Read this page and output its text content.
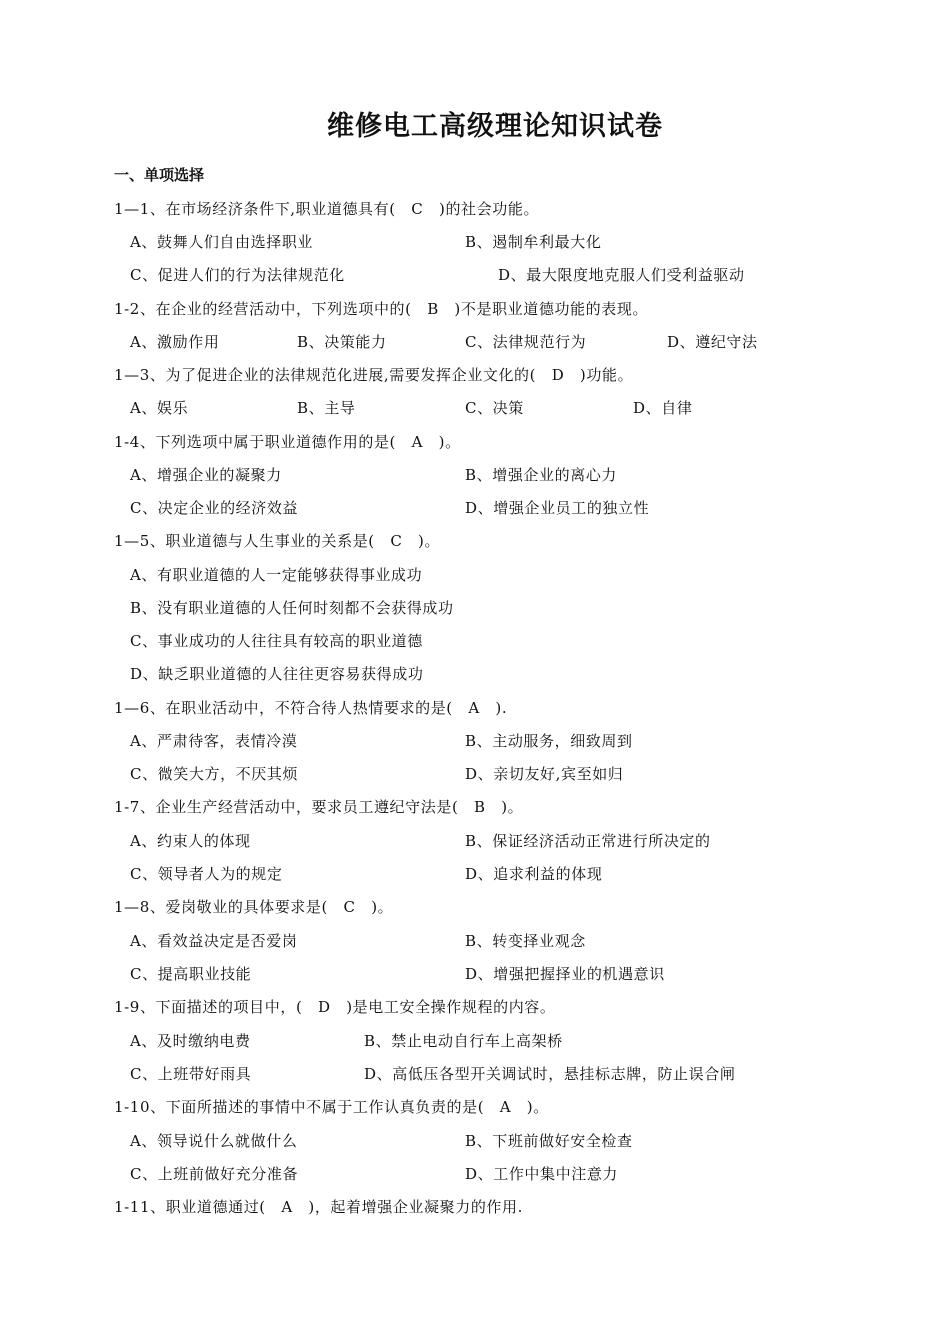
维修电工高级理论知识试卷
一、单项选择
1—1、在市场经济条件下,职业道德具有(　C　)的社会功能。
A、鼓舞人们自由选择职业	B、遏制牟利最大化
C、促进人们的行为法律规范化	D、最大限度地克服人们受利益驱动
1-2、在企业的经营活动中，下列选项中的(　B　)不是职业道德功能的表现。
A、激励作用	B、决策能力	C、法律规范行为	D、遵纪守法
1—3、为了促进企业的法律规范化进展,需要发挥企业文化的(　D　)功能。
A、娱乐	B、主导	C、决策	D、自律
1-4、下列选项中属于职业道德作用的是(　A　)。
A、增强企业的凝聚力	B、增强企业的离心力
C、决定企业的经济效益	D、增强企业员工的独立性
1—5、职业道德与人生事业的关系是(　C　)。
A、有职业道德的人一定能够获得事业成功
B、没有职业道德的人任何时刻都不会获得成功
C、事业成功的人往往具有较高的职业道德
D、缺乏职业道德的人往往更容易获得成功
1—6、在职业活动中，不符合待人热情要求的是(　A　).
A、严肃待客，表情冷漠	B、主动服务，细致周到
C、微笑大方，不厌其烦	D、亲切友好,宾至如归
1-7、企业生产经营活动中，要求员工遵纪守法是(　B　)。
A、约束人的体现	B、保证经济活动正常进行所决定的
C、领导者人为的规定	D、追求利益的体现
1—8、爱岗敬业的具体要求是(　C　)。
A、看效益决定是否爱岗	B、转变择业观念
C、提高职业技能	D、增强把握择业的机遇意识
1-9、下面描述的项目中，(　D　)是电工安全操作规程的内容。
A、及时缴纳电费	B、禁止电动自行车上高架桥
C、上班带好雨具	D、高低压各型开关调试时，悬挂标志牌，防止误合闸
1-10、下面所描述的事情中不属于工作认真负责的是(　A　)。
A、领导说什么就做什么	B、下班前做好安全检查
C、上班前做好充分准备	D、工作中集中注意力
1-11、职业道德通过(　A　)，起着增强企业凝聚力的作用.
